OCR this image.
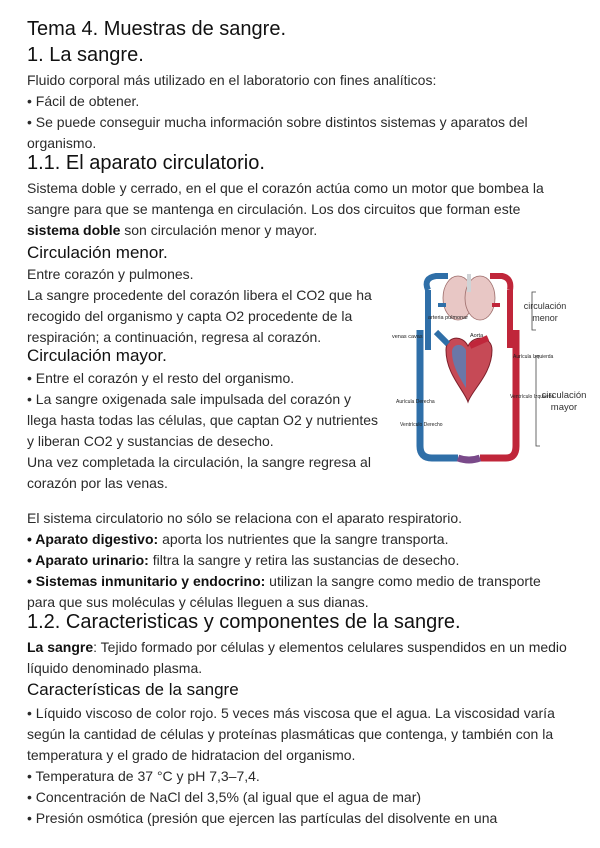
Tema 4. Muestras de sangre.
1. La sangre.

Fluido corporal más utilizado en el laboratorio con fines analíticos:

• Fácil de obtener.

• Se puede conseguir mucha información sobre distintos sistemas y aparatos del organismo.

1.1. El aparato circulatorio.

Sistema doble y cerrado, en el que el corazón actúa como un motor que bombea la sangre para que se mantenga en circulación. Los dos circuitos que forman este sistema doble son circulación menor y mayor.

Circulación menor.

Entre corazón y pulmones.

La sangre procedente del corazón libera el CO2 que ha recogido del organismo y capta O2 procedente de la respiración; a continuación, regresa al corazón.

Circulación mayor.

• Entre el corazón y el resto del organismo.

• La sangre oxigenada sale impulsada del corazón y llega hasta todas las células, que captan O2 y nutrientes y liberan CO2 y sustancias de desecho.

Una vez completada la circulación, la sangre regresa al corazón por las venas.

arteria pulmonar
venas cavas	Aorta
Aurícula Izquierda
Ventrículo Izquierdo
Aurícula Derecha
Ventrículo Derecho
circulación menor
circulación mayor

El sistema circulatorio no sólo se relaciona con el aparato respiratorio.

• Aparato digestivo: aporta los nutrientes que la sangre transporta.

• Aparato urinario: filtra la sangre y retira las sustancias de desecho.

• Sistemas inmunitario y endocrino: utilizan la sangre como medio de transporte para que sus moléculas y células lleguen a sus dianas.

1.2. Caracteristicas y componentes de la sangre.

La sangre: Tejido formado por células y elementos celulares suspendidos en un medio líquido denominado plasma.

Características de la sangre

• Líquido viscoso de color rojo. 5 veces más viscosa que el agua. La viscosidad varía según la cantidad de células y proteínas plasmáticas que contenga, y también con la temperatura y el grado de hidratacion del organismo.

• Temperatura de 37 °C y pH 7,3–7,4.

• Concentración de NaCl del 3,5% (al igual que el agua de mar)

• Presión osmótica (presión que ejercen las partículas del disolvente en una
